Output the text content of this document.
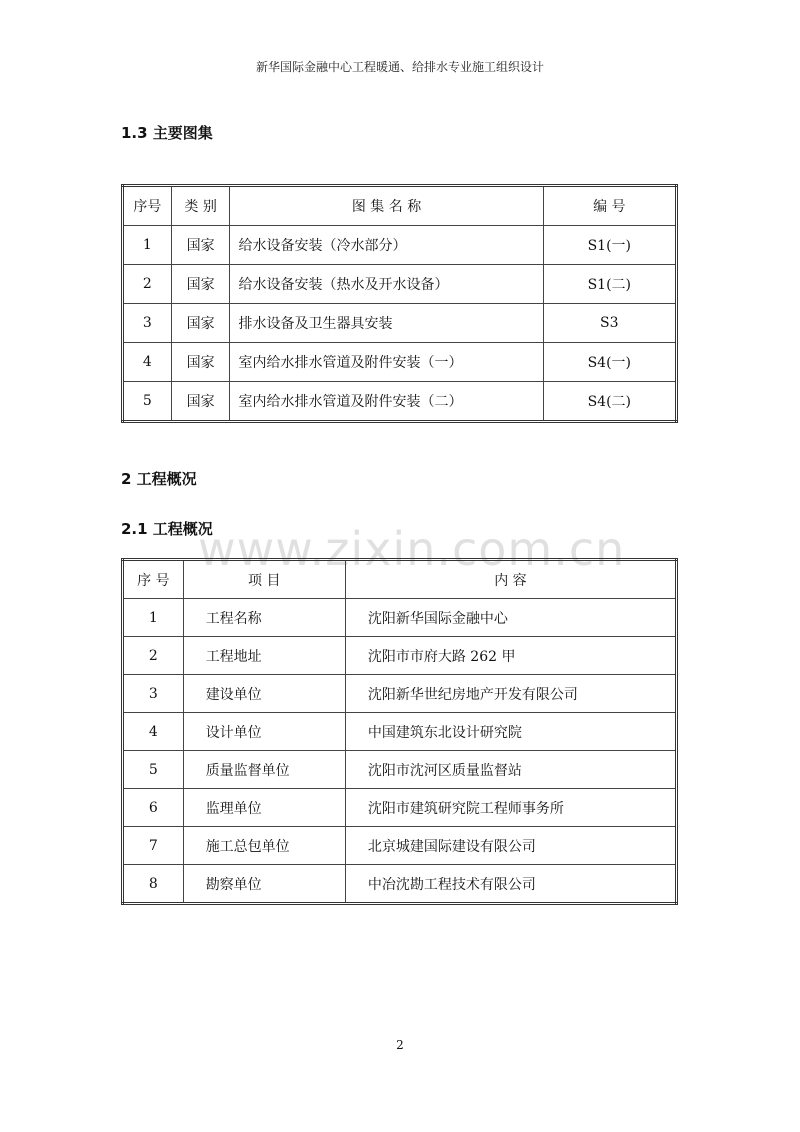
新华国际金融中心工程暖通、给排水专业施工组织设计
1.3 主要图集
序号	类 别	图 集 名 称	编 号
1	国家	给水设备安装（冷水部分）	S1(一)
2	国家	给水设备安装（热水及开水设备）	S1(二)
3	国家	排水设备及卫生器具安装	S3
4	国家	室内给水排水管道及附件安装（一）	S4(一)
5	国家	室内给水排水管道及附件安装（二）	S4(二)
2 工程概况
2.1 工程概况
www.zixin.com.cn
序 号	项 目	内 容
1	工程名称	沈阳新华国际金融中心
2	工程地址	沈阳市市府大路 262 甲
3	建设单位	沈阳新华世纪房地产开发有限公司
4	设计单位	中国建筑东北设计研究院
5	质量监督单位	沈阳市沈河区质量监督站
6	监理单位	沈阳市建筑研究院工程师事务所
7	施工总包单位	北京城建国际建设有限公司
8	勘察单位	中冶沈勘工程技术有限公司
2
